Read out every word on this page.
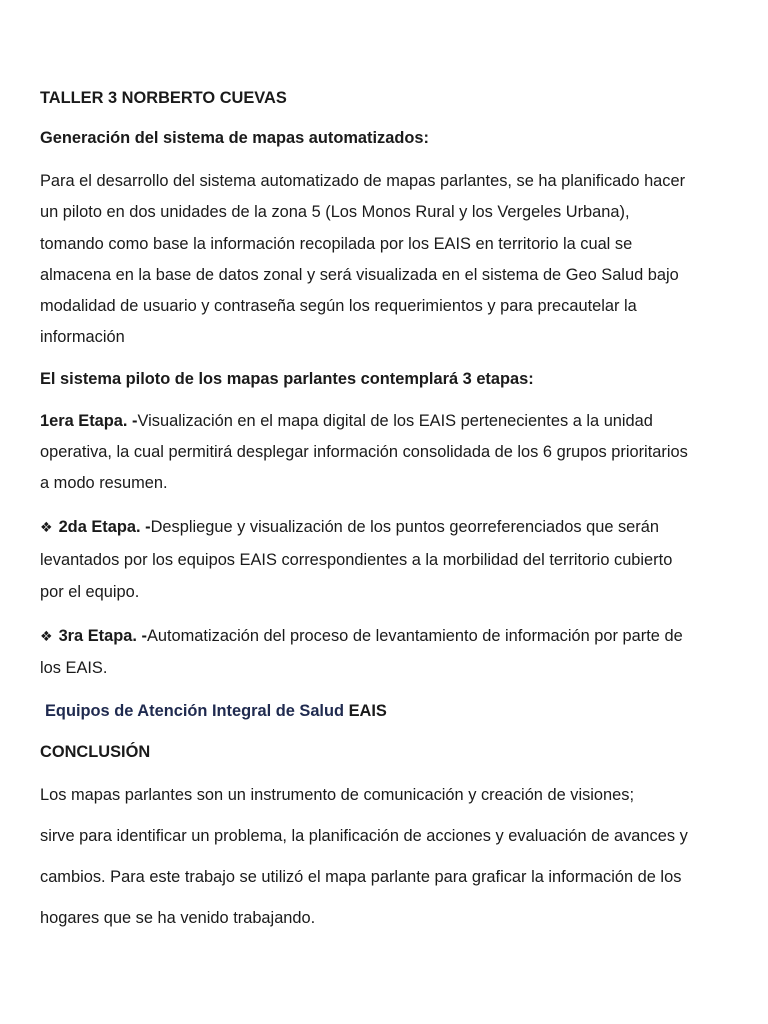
TALLER 3 NORBERTO CUEVAS
Generación del sistema de mapas automatizados:
Para el desarrollo del sistema automatizado de mapas parlantes, se ha planificado hacer
un piloto en dos unidades de la zona 5 (Los Monos Rural y los Vergeles Urbana),
tomando como base la información recopilada por los EAIS en territorio la cual se
almacena en la base de datos zonal y será visualizada en el sistema de Geo Salud bajo
modalidad de usuario y contraseña según los requerimientos y para precautelar la
información
El sistema piloto de los mapas parlantes contemplará 3 etapas:
1era Etapa. -Visualización en el mapa digital de los EAIS pertenecientes a la unidad
operativa, la cual permitirá desplegar información consolidada de los 6 grupos prioritarios
a modo resumen.
❖ 2da Etapa. -Despliegue y visualización de los puntos georreferenciados que serán
levantados por los equipos EAIS correspondientes a la morbilidad del territorio cubierto
por el equipo.
❖ 3ra Etapa. -Automatización del proceso de levantamiento de información por parte de
los EAIS.
Equipos de Atención Integral de Salud EAIS
CONCLUSIÓN
Los mapas parlantes son un instrumento de comunicación y creación de visiones;
sirve para identificar un problema, la planificación de acciones y evaluación de avances y
cambios. Para este trabajo se utilizó el mapa parlante para graficar la información de los
hogares que se ha venido trabajando.
